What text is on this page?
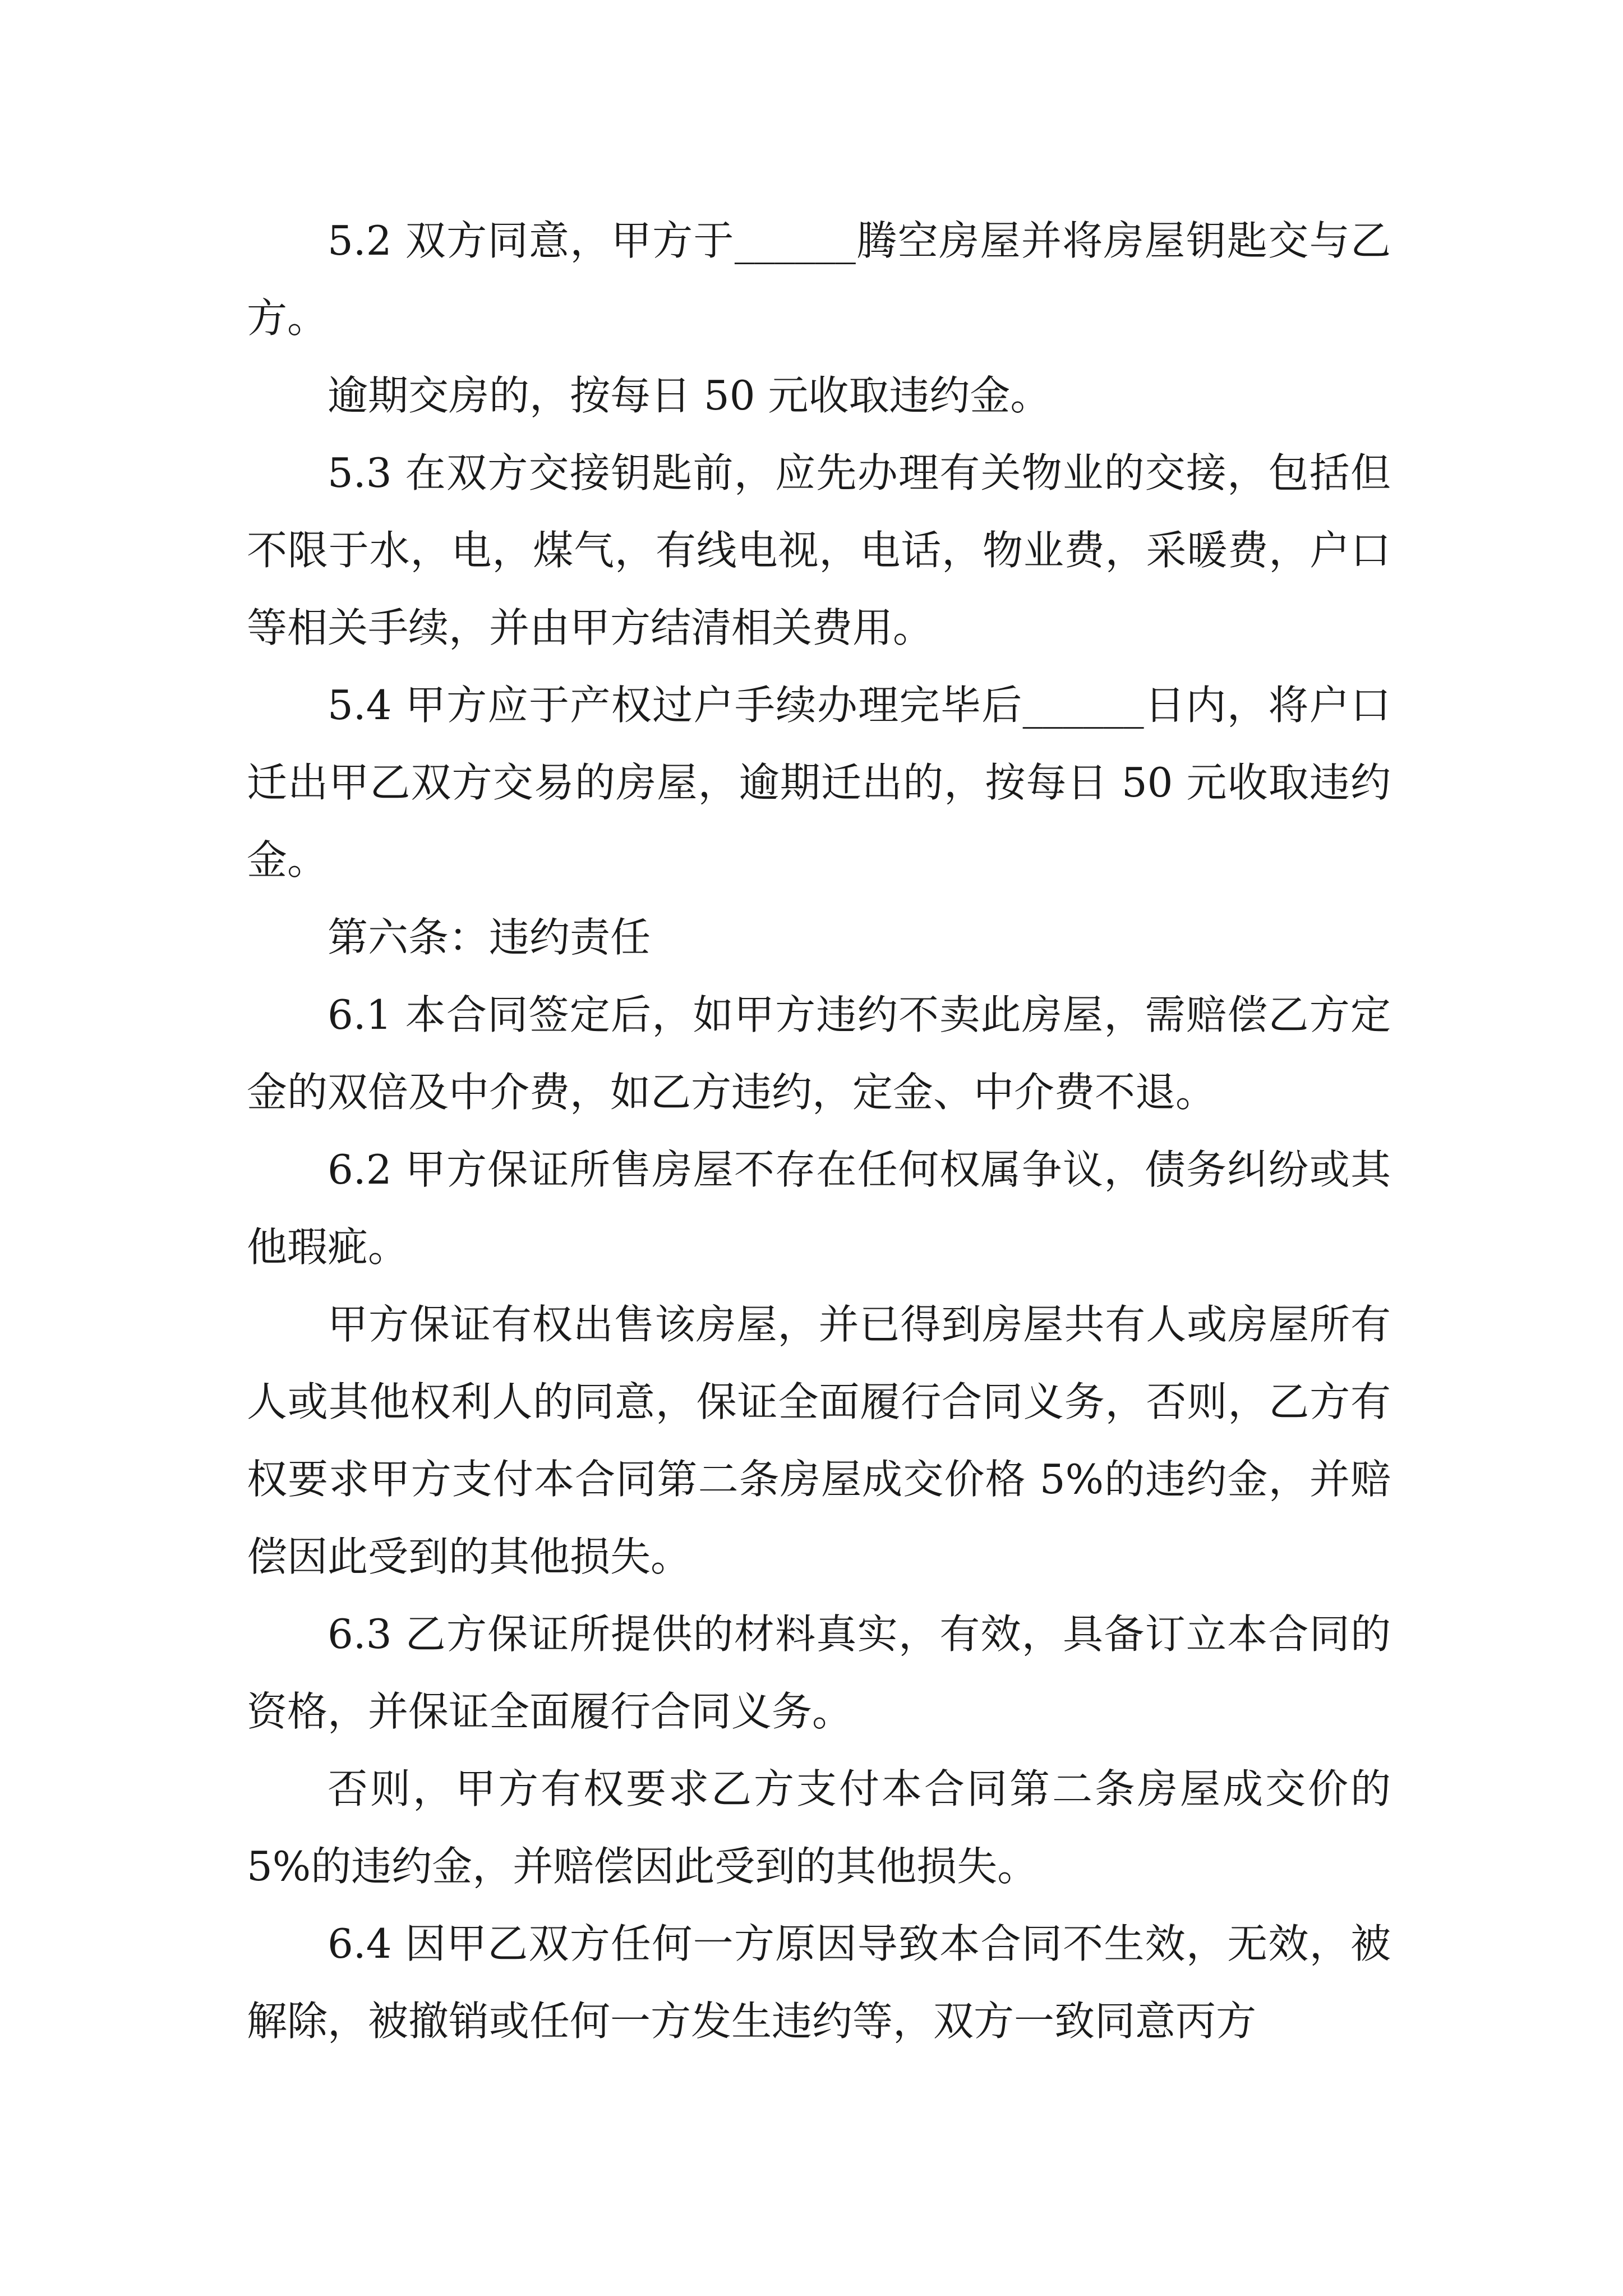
5.2 双方同意，甲方于______腾空房屋并将房屋钥匙交与乙方。

逾期交房的，按每日 50 元收取违约金。

5.3 在双方交接钥匙前，应先办理有关物业的交接，包括但不限于水，电，煤气，有线电视，电话，物业费，采暖费，户口等相关手续，并由甲方结清相关费用。

5.4 甲方应于产权过户手续办理完毕后______日内，将户口迁出甲乙双方交易的房屋，逾期迁出的，按每日 50 元收取违约金。

第六条：违约责任

6.1 本合同签定后，如甲方违约不卖此房屋，需赔偿乙方定金的双倍及中介费，如乙方违约，定金、中介费不退。

6.2 甲方保证所售房屋不存在任何权属争议，债务纠纷或其他瑕疵。

甲方保证有权出售该房屋，并已得到房屋共有人或房屋所有人或其他权利人的同意，保证全面履行合同义务，否则，乙方有权要求甲方支付本合同第二条房屋成交价格 5%的违约金，并赔偿因此受到的其他损失。

6.3 乙方保证所提供的材料真实，有效，具备订立本合同的资格，并保证全面履行合同义务。

否则，甲方有权要求乙方支付本合同第二条房屋成交价的 5%的违约金，并赔偿因此受到的其他损失。

6.4 因甲乙双方任何一方原因导致本合同不生效，无效，被解除，被撤销或任何一方发生违约等，双方一致同意丙方
